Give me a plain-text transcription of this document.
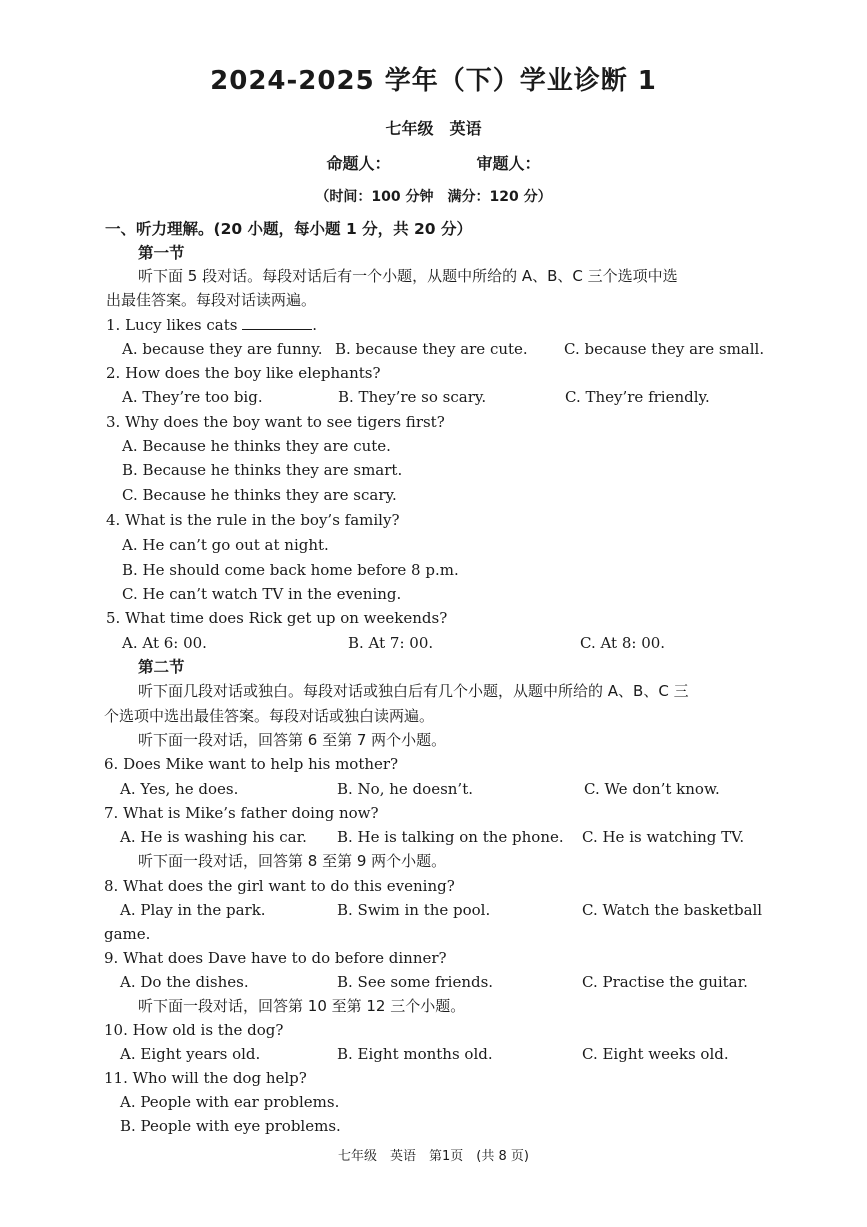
2024-2025 学年（下）学业诊断 1
七年级　英语
命题人：	审题人：
（时间：100 分钟　满分：120 分）
一、听力理解。(20 小题，每小题 1 分，共 20 分）
第一节
听下面 5 段对话。每段对话后有一个小题，从题中所给的 A、B、C 三个选项中选
出最佳答案。每段对话读两遍。
1. Lucy likes cats	.
A. because they are funny. B. because they are cute. C. because they are small.
2. How does the boy like elephants?
A. They’re too big.	B. They’re so scary.	C. They’re friendly.
3. Why does the boy want to see tigers first?
A. Because he thinks they are cute.
B. Because he thinks they are smart.
C. Because he thinks they are scary.
4. What is the rule in the boy’s family?
A. He can’t go out at night.
B. He should come back home before 8 p.m.
C. He can’t watch TV in the evening.
5. What time does Rick get up on weekends?
A. At 6: 00.	B. At 7: 00.	C. At 8: 00.
第二节
听下面几段对话或独白。每段对话或独白后有几个小题，从题中所给的 A、B、C 三
个选项中选出最佳答案。每段对话或独白读两遍。
听下面一段对话，回答第 6 至第 7 两个小题。
6. Does Mike want to help his mother?
A. Yes, he does.	B. No, he doesn’t.	C. We don’t know.
7. What is Mike’s father doing now?
A. He is washing his car. B. He is talking on the phone. C. He is watching TV.
听下面一段对话，回答第 8 至第 9 两个小题。
8. What does the girl want to do this evening?
A. Play in the park.	B. Swim in the pool.	C. Watch the basketball
game.
9. What does Dave have to do before dinner?
A. Do the dishes.	B. See some friends.	C. Practise the guitar.
听下面一段对话，回答第 10 至第 12 三个小题。
10. How old is the dog?
A. Eight years old.	B. Eight months old.	C. Eight weeks old.
11. Who will the dog help?
A. People with ear problems.
B. People with eye problems.
七年级　英语　第1页　(共 8 页)
